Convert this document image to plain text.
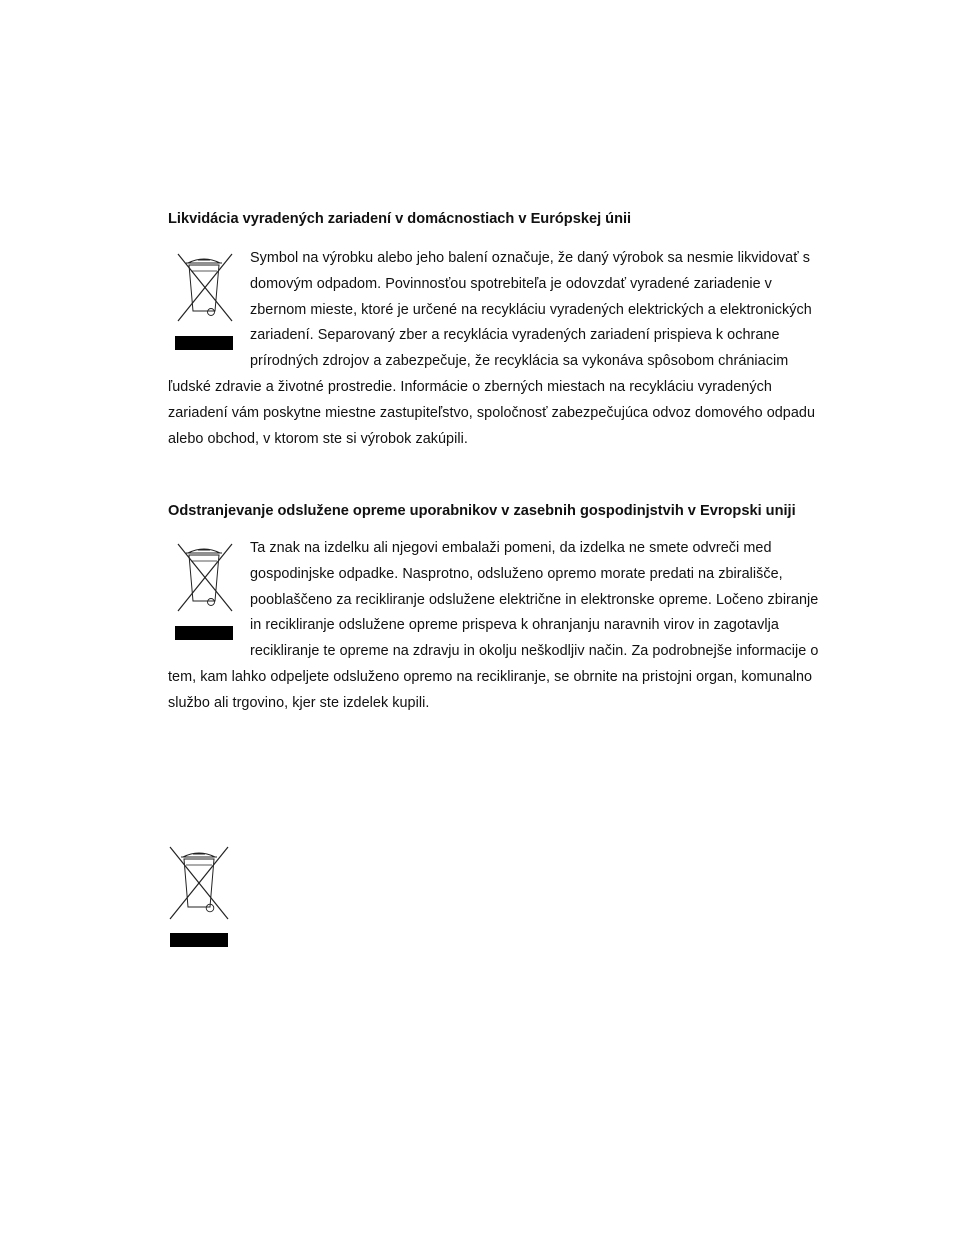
Likvidácia vyradených zariadení v domácnostiach v Európskej únii

Symbol na výrobku alebo jeho balení označuje, že daný výrobok sa nesmie likvidovať s domovým odpadom. Povinnosťou spotrebiteľa je odovzdať vyradené zariadenie v zbernom mieste, ktoré je určené na recykláciu vyradených elektrických a elektronických zariadení. Separovaný zber a recyklácia vyradených zariadení prispieva k ochrane prírodných zdrojov a zabezpečuje, že recyklácia sa vykonáva spôsobom chrániacim ľudské zdravie a životné prostredie. Informácie o zberných miestach na recykláciu vyradených zariadení vám poskytne miestne zastupiteľstvo, spoločnosť zabezpečujúca odvoz domového odpadu alebo obchod, v ktorom ste si výrobok zakúpili.

Odstranjevanje odslužene opreme uporabnikov v zasebnih gospodinjstvih v Evropski uniji

Ta znak na izdelku ali njegovi embalaži pomeni, da izdelka ne smete odvreči med gospodinjske odpadke. Nasprotno, odsluženo opremo morate predati na zbirališče, pooblaščeno za recikliranje odslužene električne in elektronske opreme. Ločeno zbiranje in recikliranje odslužene opreme prispeva k ohranjanju naravnih virov in zagotavlja recikliranje te opreme na zdravju in okolju neškodljiv način. Za podrobnejše informacije o tem, kam lahko odpeljete odsluženo opremo na recikliranje, se obrnite na pristojni organ, komunalno službo ali trgovino, kjer ste izdelek kupili.
